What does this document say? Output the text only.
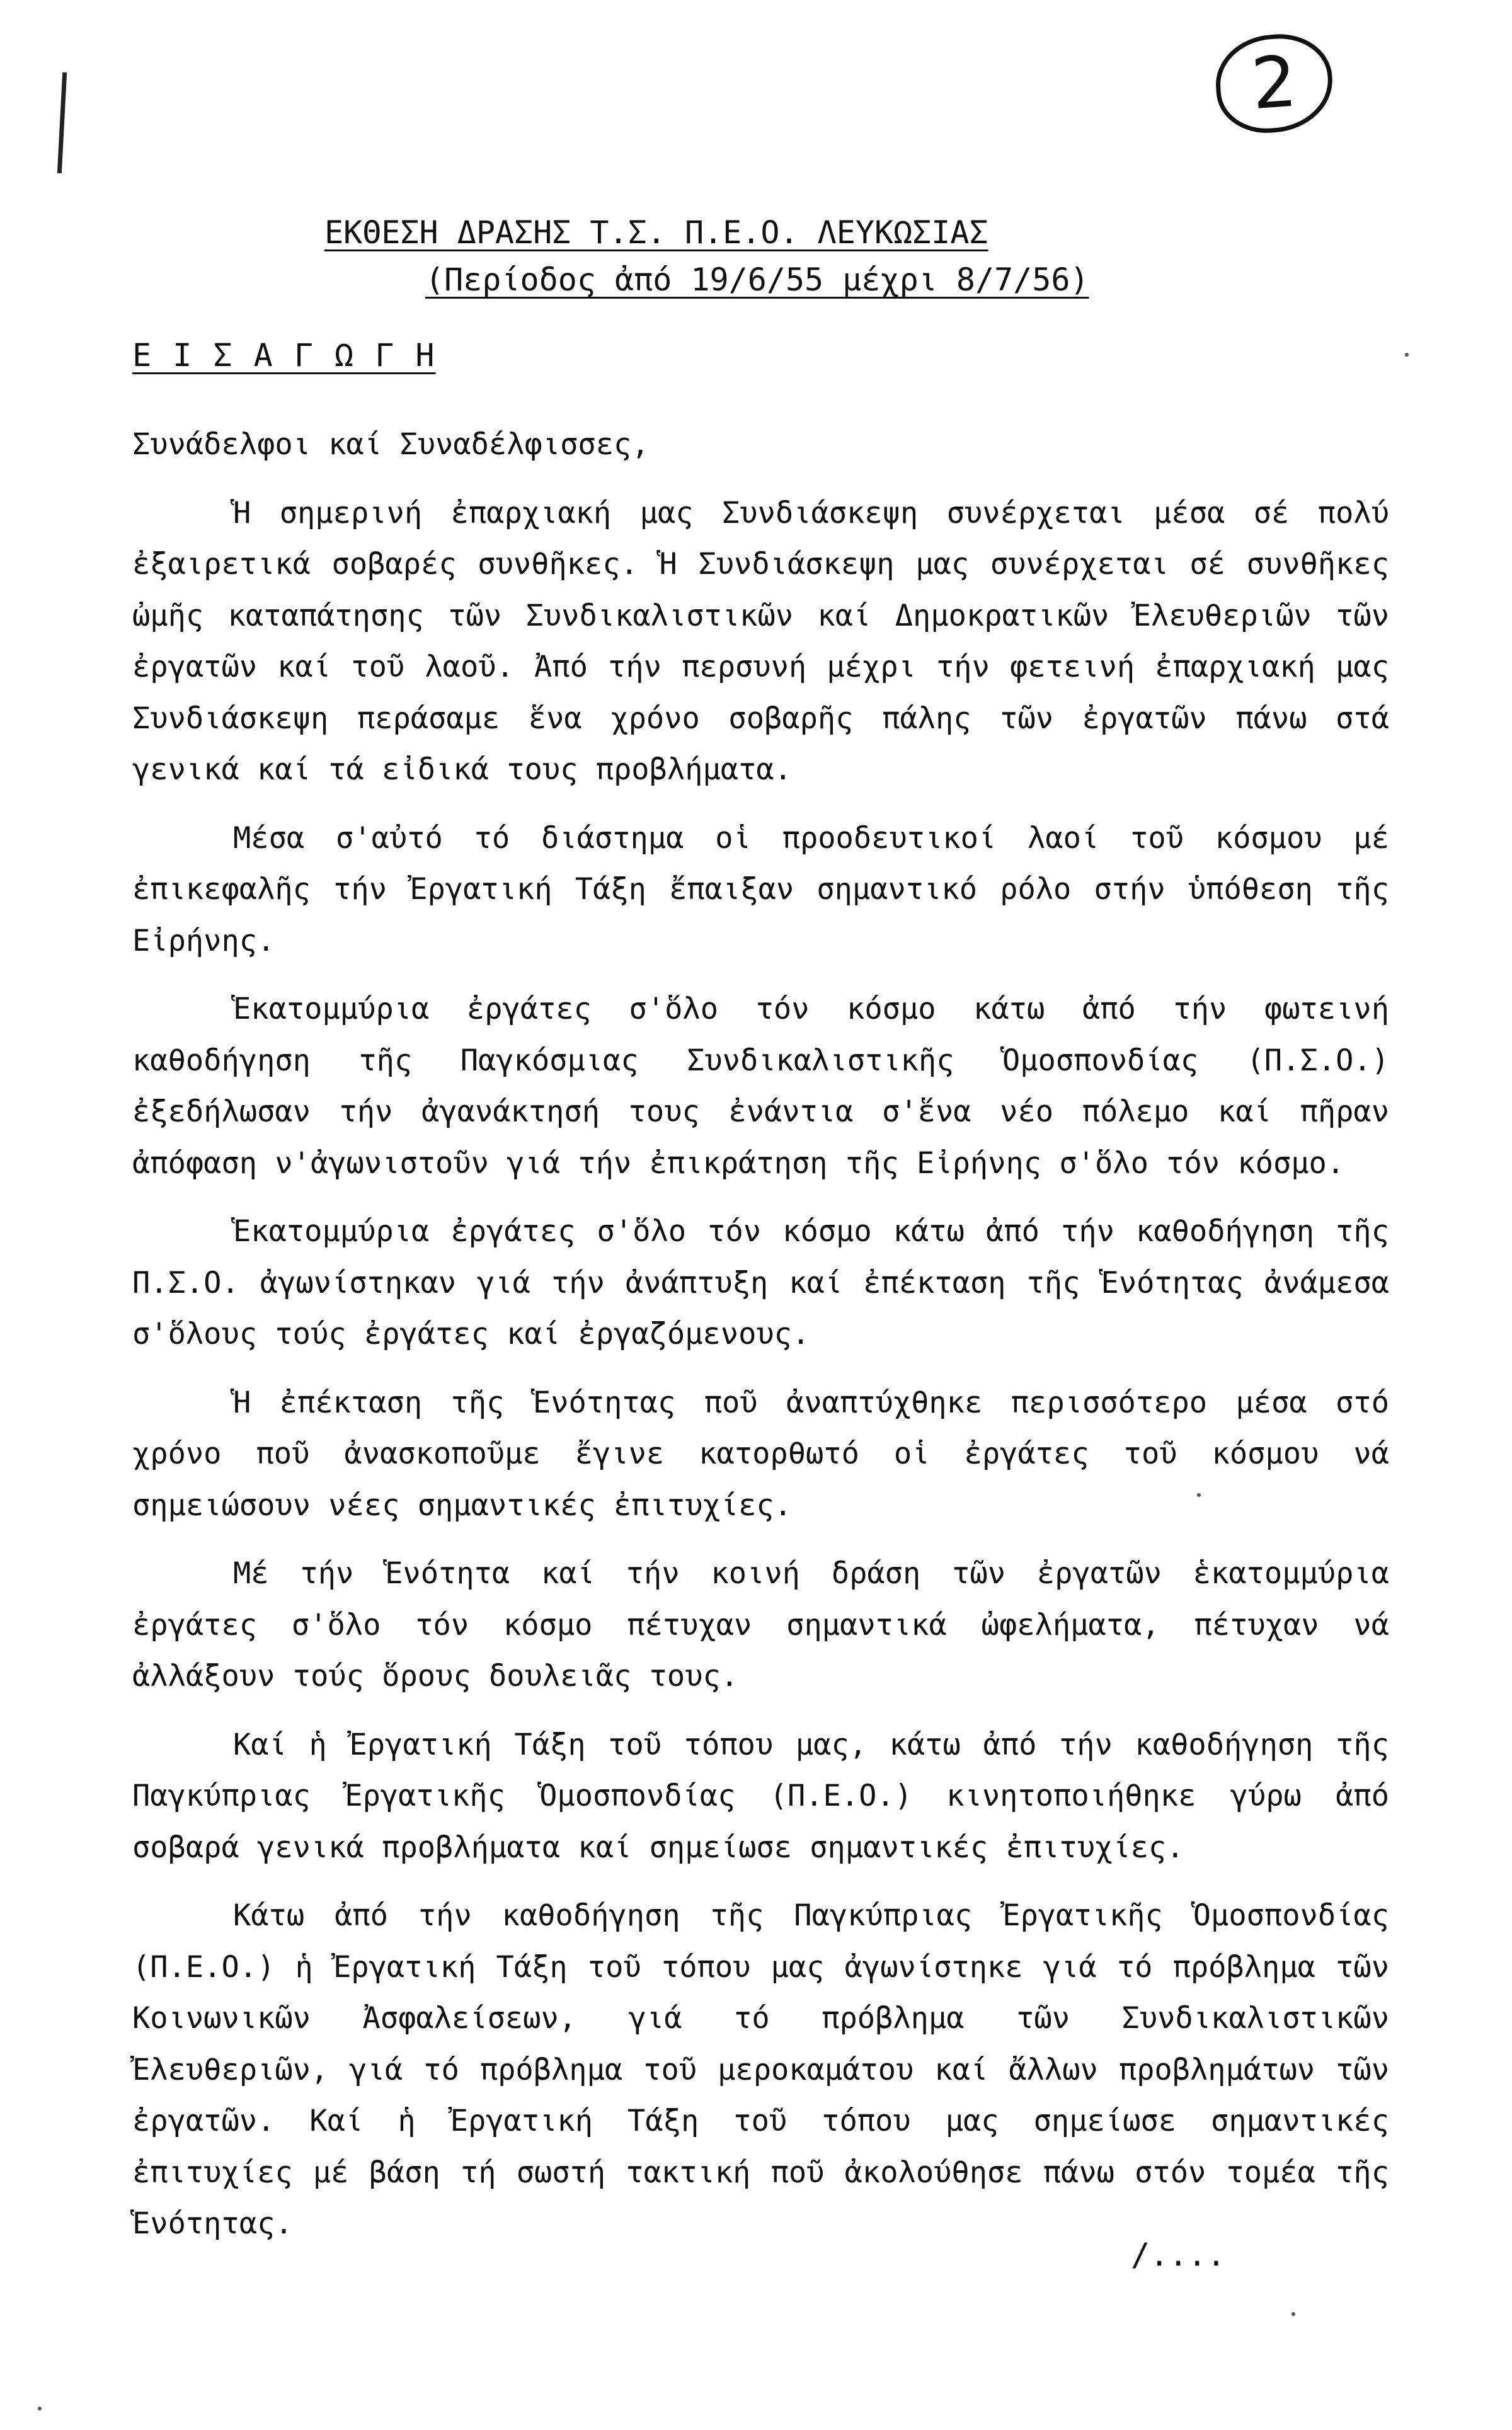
2
ΕΚΘΕΣΗ ΔΡΑΣΗΣ Τ.Σ. Π.Ε.Ο. ΛΕΥΚΩΣΙΑΣ
(Περίοδος ἀπό 19/6/55 μέχρι 8/7/56)
Ε Ι Σ Α Γ Ω Γ Η

Συνάδελφοι καί Συναδέλφισσες,

Ἡ σημερινή ἐπαρχιακή μας Συνδιάσκεψη συνέρχεται μέσα σέ πολύ ἐξαιρετικά σοβαρές συνθῆκες. Ἡ Συνδιάσκεψη μας συνέρχεται σέ συνθῆκες ὠμῆς καταπάτησης τῶν Συνδικαλιστικῶν καί Δημοκρατικῶν Ἐλευθεριῶν τῶν ἐργατῶν καί τοῦ λαοῦ. Ἀπό τήν περσυνή μέχρι τήν φετεινή ἐπαρχιακή μας Συνδιάσκεψη περάσαμε ἕνα χρόνο σοβαρῆς πάλης τῶν ἐργατῶν πάνω στά γενικά καί τά εἰδικά τους προβλήματα.

Μέσα σ'αὐτό τό διάστημα οἱ προοδευτικοί λαοί τοῦ κόσμου μέ ἐπικεφαλῆς τήν Ἐργατική Τάξη ἔπαιξαν σημαντικό ρόλο στήν ὑπόθεση τῆς Εἰρήνης.

Ἑκατομμύρια ἐργάτες σ'ὅλο τόν κόσμο κάτω ἀπό τήν φωτεινή καθοδήγηση τῆς Παγκόσμιας Συνδικαλιστικῆς Ὁμοσπονδίας (Π.Σ.Ο.) ἐξεδήλωσαν τήν ἀγανάκτησή τους ἐνάντια σ'ἕνα νέο πόλεμο καί πῆραν ἀπόφαση ν'ἀγωνιστοῦν γιά τήν ἐπικράτηση τῆς Εἰρήνης σ'ὅλο τόν κόσμο.

Ἑκατομμύρια ἐργάτες σ'ὅλο τόν κόσμο κάτω ἀπό τήν καθοδήγηση τῆς Π.Σ.Ο. ἀγωνίστηκαν γιά τήν ἀνάπτυξη καί ἐπέκταση τῆς Ἑνότητας ἀνάμεσα σ'ὅλους τούς ἐργάτες καί ἐργαζόμενους.

Ἡ ἐπέκταση τῆς Ἑνότητας ποῦ ἀναπτύχθηκε περισσότερο μέσα στό χρόνο ποῦ ἀνασκοποῦμε ἔγινε κατορθωτό οἱ ἐργάτες τοῦ κόσμου νά σημειώσουν νέες σημαντικές ἐπιτυχίες.

Μέ τήν Ἑνότητα καί τήν κοινή δράση τῶν ἐργατῶν ἑκατομμύρια ἐργάτες σ'ὅλο τόν κόσμο πέτυχαν σημαντικά ὠφελήματα, πέτυχαν νά ἀλλάξουν τούς ὅρους δουλειᾶς τους.

Καί ἡ Ἐργατική Τάξη τοῦ τόπου μας, κάτω ἀπό τήν καθοδήγηση τῆς Παγκύπριας Ἐργατικῆς Ὁμοσπονδίας (Π.Ε.Ο.) κινητοποιήθηκε γύρω ἀπό σοβαρά γενικά προβλήματα καί σημείωσε σημαντικές ἐπιτυχίες.

Κάτω ἀπό τήν καθοδήγηση τῆς Παγκύπριας Ἐργατικῆς Ὁμοσπονδίας (Π.Ε.Ο.) ἡ Ἐργατική Τάξη τοῦ τόπου μας ἀγωνίστηκε γιά τό πρόβλημα τῶν Κοινωνικῶν Ἀσφαλείσεων, γιά τό πρόβλημα τῶν Συνδικαλιστικῶν Ἐλευθεριῶν, γιά τό πρόβλημα τοῦ μεροκαμάτου καί ἄλλων προβλημάτων τῶν ἐργατῶν. Καί ἡ Ἐργατική Τάξη τοῦ τόπου μας σημείωσε σημαντικές ἐπιτυχίες μέ βάση τή σωστή τακτική ποῦ ἀκολούθησε πάνω στόν τομέα τῆς Ἑνότητας.

/....
